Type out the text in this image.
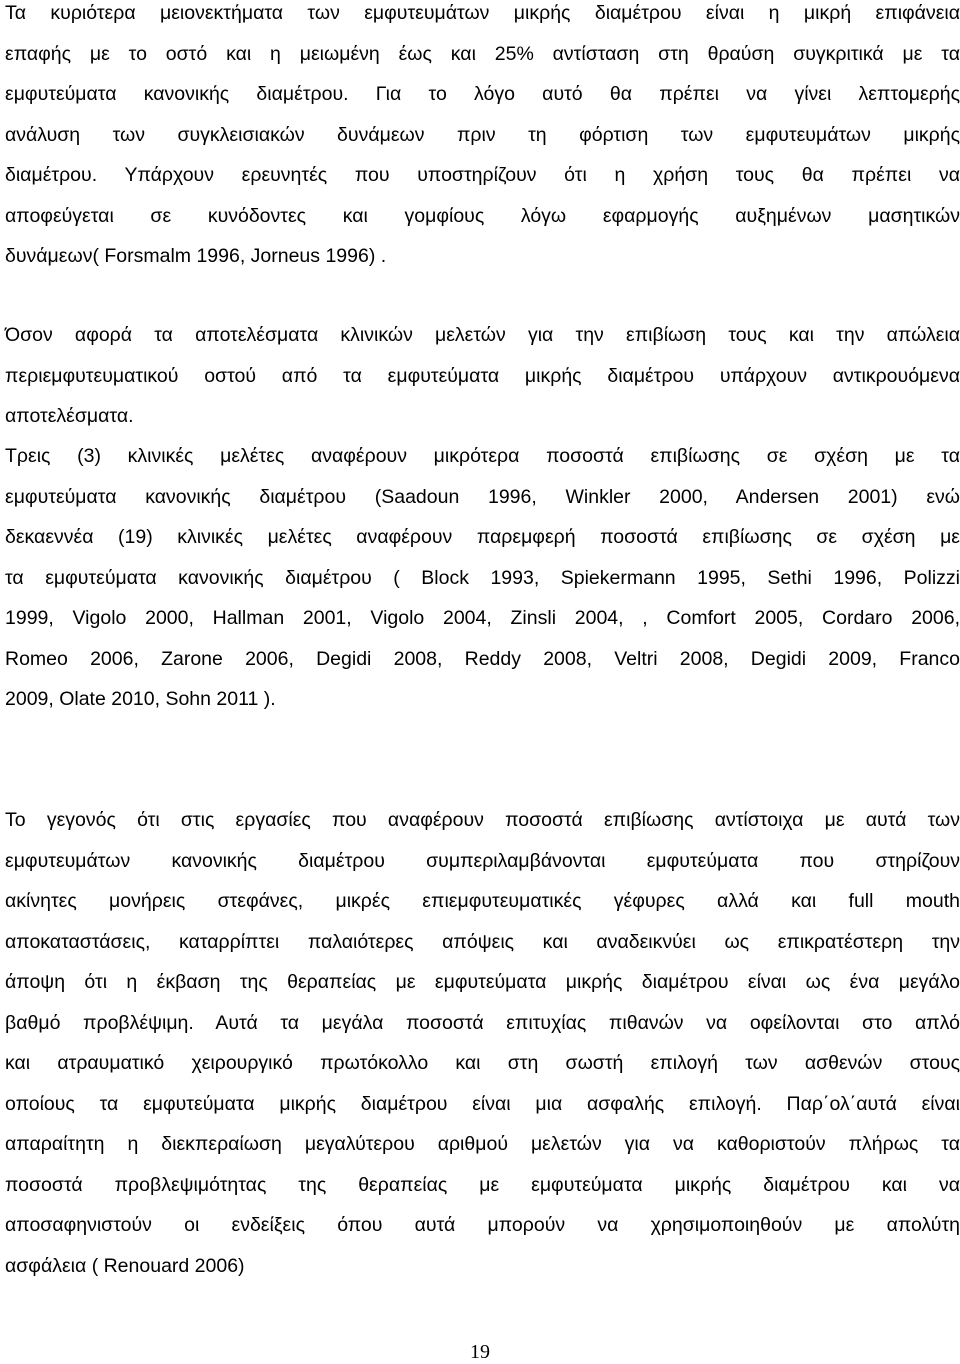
Τα κυριότερα μειονεκτήματα των εμφυτευμάτων μικρής διαμέτρου είναι η μικρή επιφάνεια
επαφής με το οστό και η μειωμένη έως και 25% αντίσταση στη θραύση συγκριτικά με τα
εμφυτεύματα κανονικής διαμέτρου. Για το λόγο αυτό θα πρέπει να γίνει λεπτομερής
ανάλυση των συγκλεισιακών δυνάμεων πριν τη φόρτιση των εμφυτευμάτων μικρής
διαμέτρου. Υπάρχουν ερευνητές που υποστηρίζουν ότι η χρήση τους θα πρέπει να
αποφεύγεται σε κυνόδοντες και γομφίους λόγω εφαρμογής αυξημένων μασητικών
δυνάμεων( Forsmalm 1996, Jorneus 1996) .
Όσον αφορά τα αποτελέσματα κλινικών μελετών για την επιβίωση τους και την απώλεια
περιεμφυτευματικού οστού από τα εμφυτεύματα μικρής διαμέτρου υπάρχουν αντικρουόμενα
αποτελέσματα.
Τρεις (3) κλινικές μελέτες αναφέρουν μικρότερα ποσοστά επιβίωσης σε σχέση με τα
εμφυτεύματα κανονικής διαμέτρου (Saadoun 1996, Winkler 2000, Andersen 2001) ενώ
δεκαεννέα (19) κλινικές μελέτες αναφέρουν παρεμφερή ποσοστά επιβίωσης σε σχέση με
τα εμφυτεύματα κανονικής διαμέτρου ( Block 1993, Spiekermann 1995, Sethi 1996, Polizzi
1999, Vigolo 2000, Hallman 2001, Vigolo 2004, Zinsli 2004, , Comfort 2005, Cordaro 2006,
Romeo 2006, Zarone 2006, Degidi 2008, Reddy 2008, Veltri 2008, Degidi 2009, Franco
2009, Olate 2010, Sohn 2011 ).
Το γεγονός ότι στις εργασίες που αναφέρουν ποσοστά επιβίωσης αντίστοιχα με αυτά των
εμφυτευμάτων κανονικής διαμέτρου συμπεριλαμβάνονται εμφυτεύματα που στηρίζουν
ακίνητες μονήρεις στεφάνες, μικρές επιεμφυτευματικές γέφυρες αλλά και full mouth
αποκαταστάσεις, καταρρίπτει παλαιότερες απόψεις και αναδεικνύει ως επικρατέστερη την
άποψη ότι η έκβαση της θεραπείας με εμφυτεύματα μικρής διαμέτρου είναι ως ένα μεγάλο
βαθμό προβλέψιμη. Αυτά τα μεγάλα ποσοστά επιτυχίας πιθανών να οφείλονται στο απλό
και ατραυματικό χειρουργικό πρωτόκολλο και στη σωστή επιλογή των ασθενών στους
οποίους τα εμφυτεύματα μικρής διαμέτρου είναι μια ασφαλής επιλογή. Παρ΄ολ΄αυτά είναι
απαραίτητη η διεκπεραίωση μεγαλύτερου αριθμού μελετών για να καθοριστούν πλήρως τα
ποσοστά προβλεψιμότητας της θεραπείας με εμφυτεύματα μικρής διαμέτρου και να
αποσαφηνιστούν οι ενδείξεις όπου αυτά μπορούν να χρησιμοποιηθούν με απολύτη
ασφάλεια ( Renouard 2006)
19
